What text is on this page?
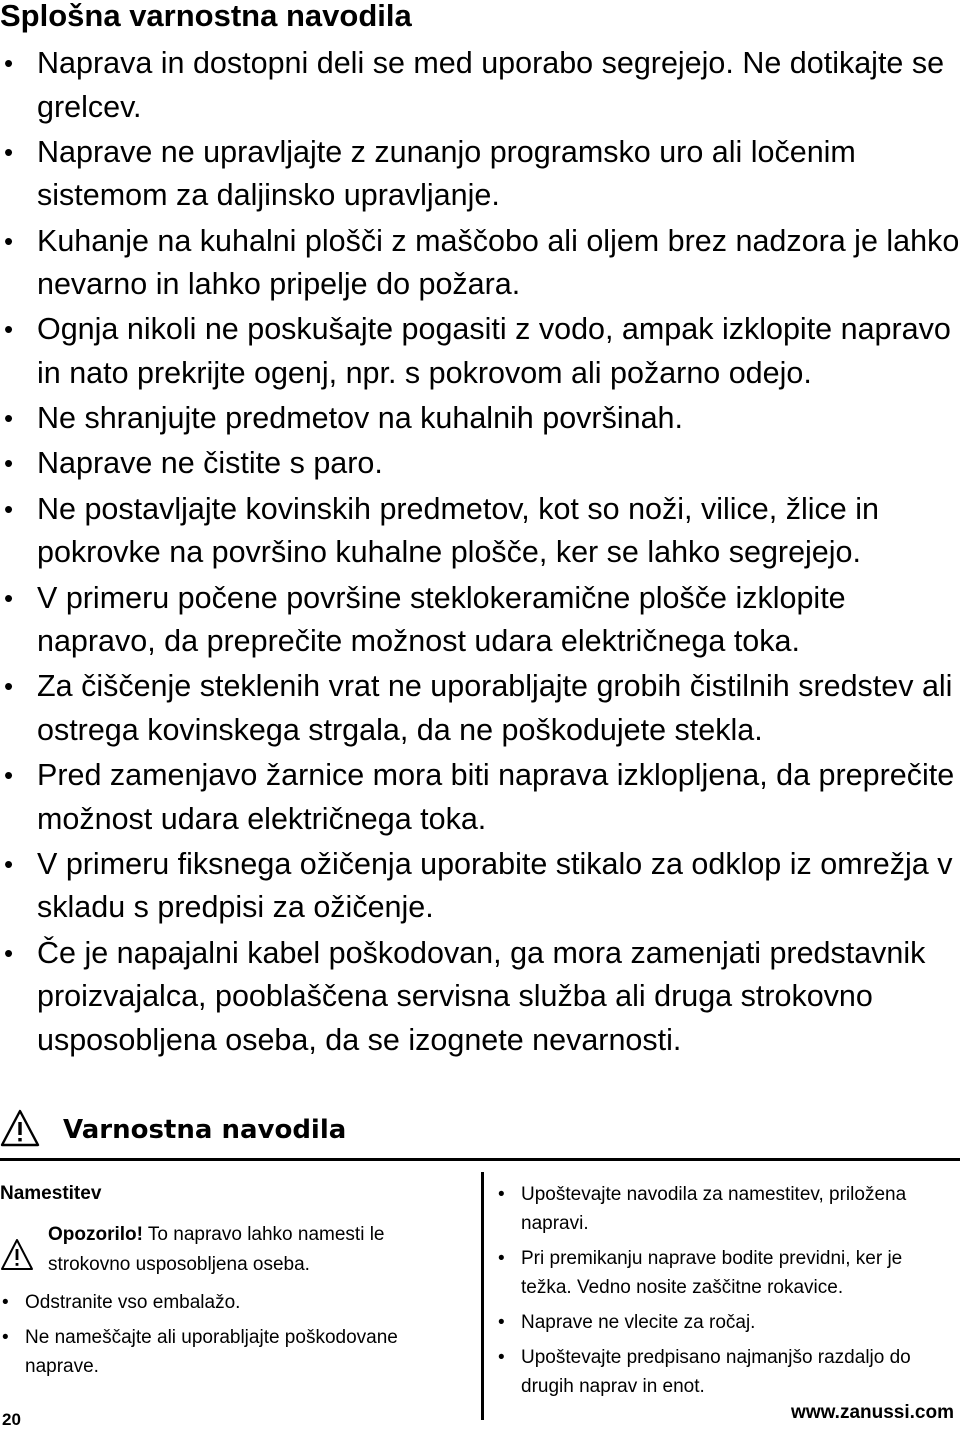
Splošna varnostna navodila
• Naprava in dostopni deli se med uporabo segrejejo. Ne dotikajte se grelcev.
• Naprave ne upravljajte z zunanjo programsko uro ali ločenim sistemom za daljinsko upravljanje.
• Kuhanje na kuhalni plošči z maščobo ali oljem brez nadzora je lahko nevarno in lahko pripelje do požara.
• Ognja nikoli ne poskušajte pogasiti z vodo, ampak izklopite napravo in nato prekrijte ogenj, npr. s pokrovom ali požarno odejo.
• Ne shranjujte predmetov na kuhalnih površinah.
• Naprave ne čistite s paro.
• Ne postavljajte kovinskih predmetov, kot so noži, vilice, žlice in pokrovke na površino kuhalne plošče, ker se lahko segrejejo.
• V primeru počene površine steklokeramične plošče izklopite napravo, da preprečite možnost udara električnega toka.
• Za čiščenje steklenih vrat ne uporabljajte grobih čistilnih sredstev ali ostrega kovinskega strgala, da ne poškodujete stekla.
• Pred zamenjavo žarnice mora biti naprava izklopljena, da preprečite možnost udara električnega toka.
• V primeru fiksnega ožičenja uporabite stikalo za odklop iz omrežja v skladu s predpisi za ožičenje.
• Če je napajalni kabel poškodovan, ga mora zamenjati predstavnik proizvajalca, pooblaščena servisna služba ali druga strokovno usposobljena oseba, da se izognete nevarnosti.
Varnostna navodila
Namestitev
Opozorilo! To napravo lahko namesti le strokovno usposobljena oseba.
• Odstranite vso embalažo.
• Ne nameščajte ali uporabljajte poškodovane naprave.
• Upoštevajte navodila za namestitev, priložena napravi.
• Pri premikanju naprave bodite previdni, ker je težka. Vedno nosite zaščitne rokavice.
• Naprave ne vlecite za ročaj.
• Upoštevajte predpisano najmanjšo razdaljo do drugih naprav in enot.
20	www.zanussi.com
